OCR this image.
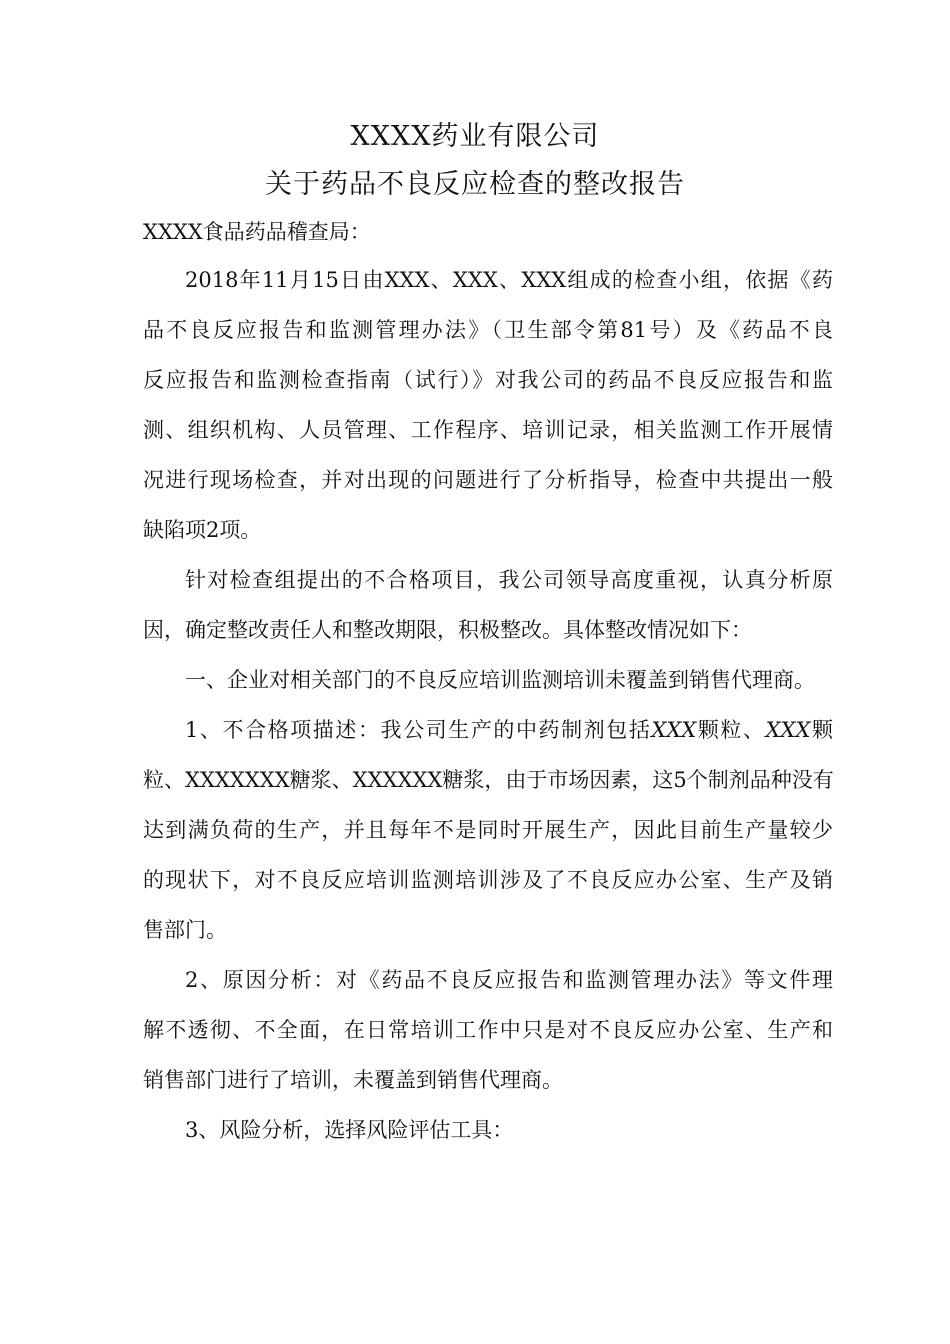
XXXX药业有限公司
关于药品不良反应检查的整改报告
XXXX食品药品稽查局：

2018年11月15日由XXX、XXX、XXX组成的检查小组，依据《药
品不良反应报告和监测管理办法》（卫生部令第81号）及《药品不良
反应报告和监测检查指南（试行）》对我公司的药品不良反应报告和监
测、组织机构、人员管理、工作程序、培训记录，相关监测工作开展情
况进行现场检查，并对出现的问题进行了分析指导，检查中共提出一般
缺陷项2项。

针对检查组提出的不合格项目，我公司领导高度重视，认真分析原
因，确定整改责任人和整改期限，积极整改。具体整改情况如下：

一、企业对相关部门的不良反应培训监测培训未覆盖到销售代理商。

1、不合格项描述：我公司生产的中药制剂包括XXX颗粒、XXX颗
粒、XXXXXXX糖浆、XXXXXX糖浆，由于市场因素，这5个制剂品种没有
达到满负荷的生产，并且每年不是同时开展生产，因此目前生产量较少
的现状下，对不良反应培训监测培训涉及了不良反应办公室、生产及销
售部门。

2、原因分析：对《药品不良反应报告和监测管理办法》等文件理
解不透彻、不全面，在日常培训工作中只是对不良反应办公室、生产和
销售部门进行了培训，未覆盖到销售代理商。

3、风险分析，选择风险评估工具：
